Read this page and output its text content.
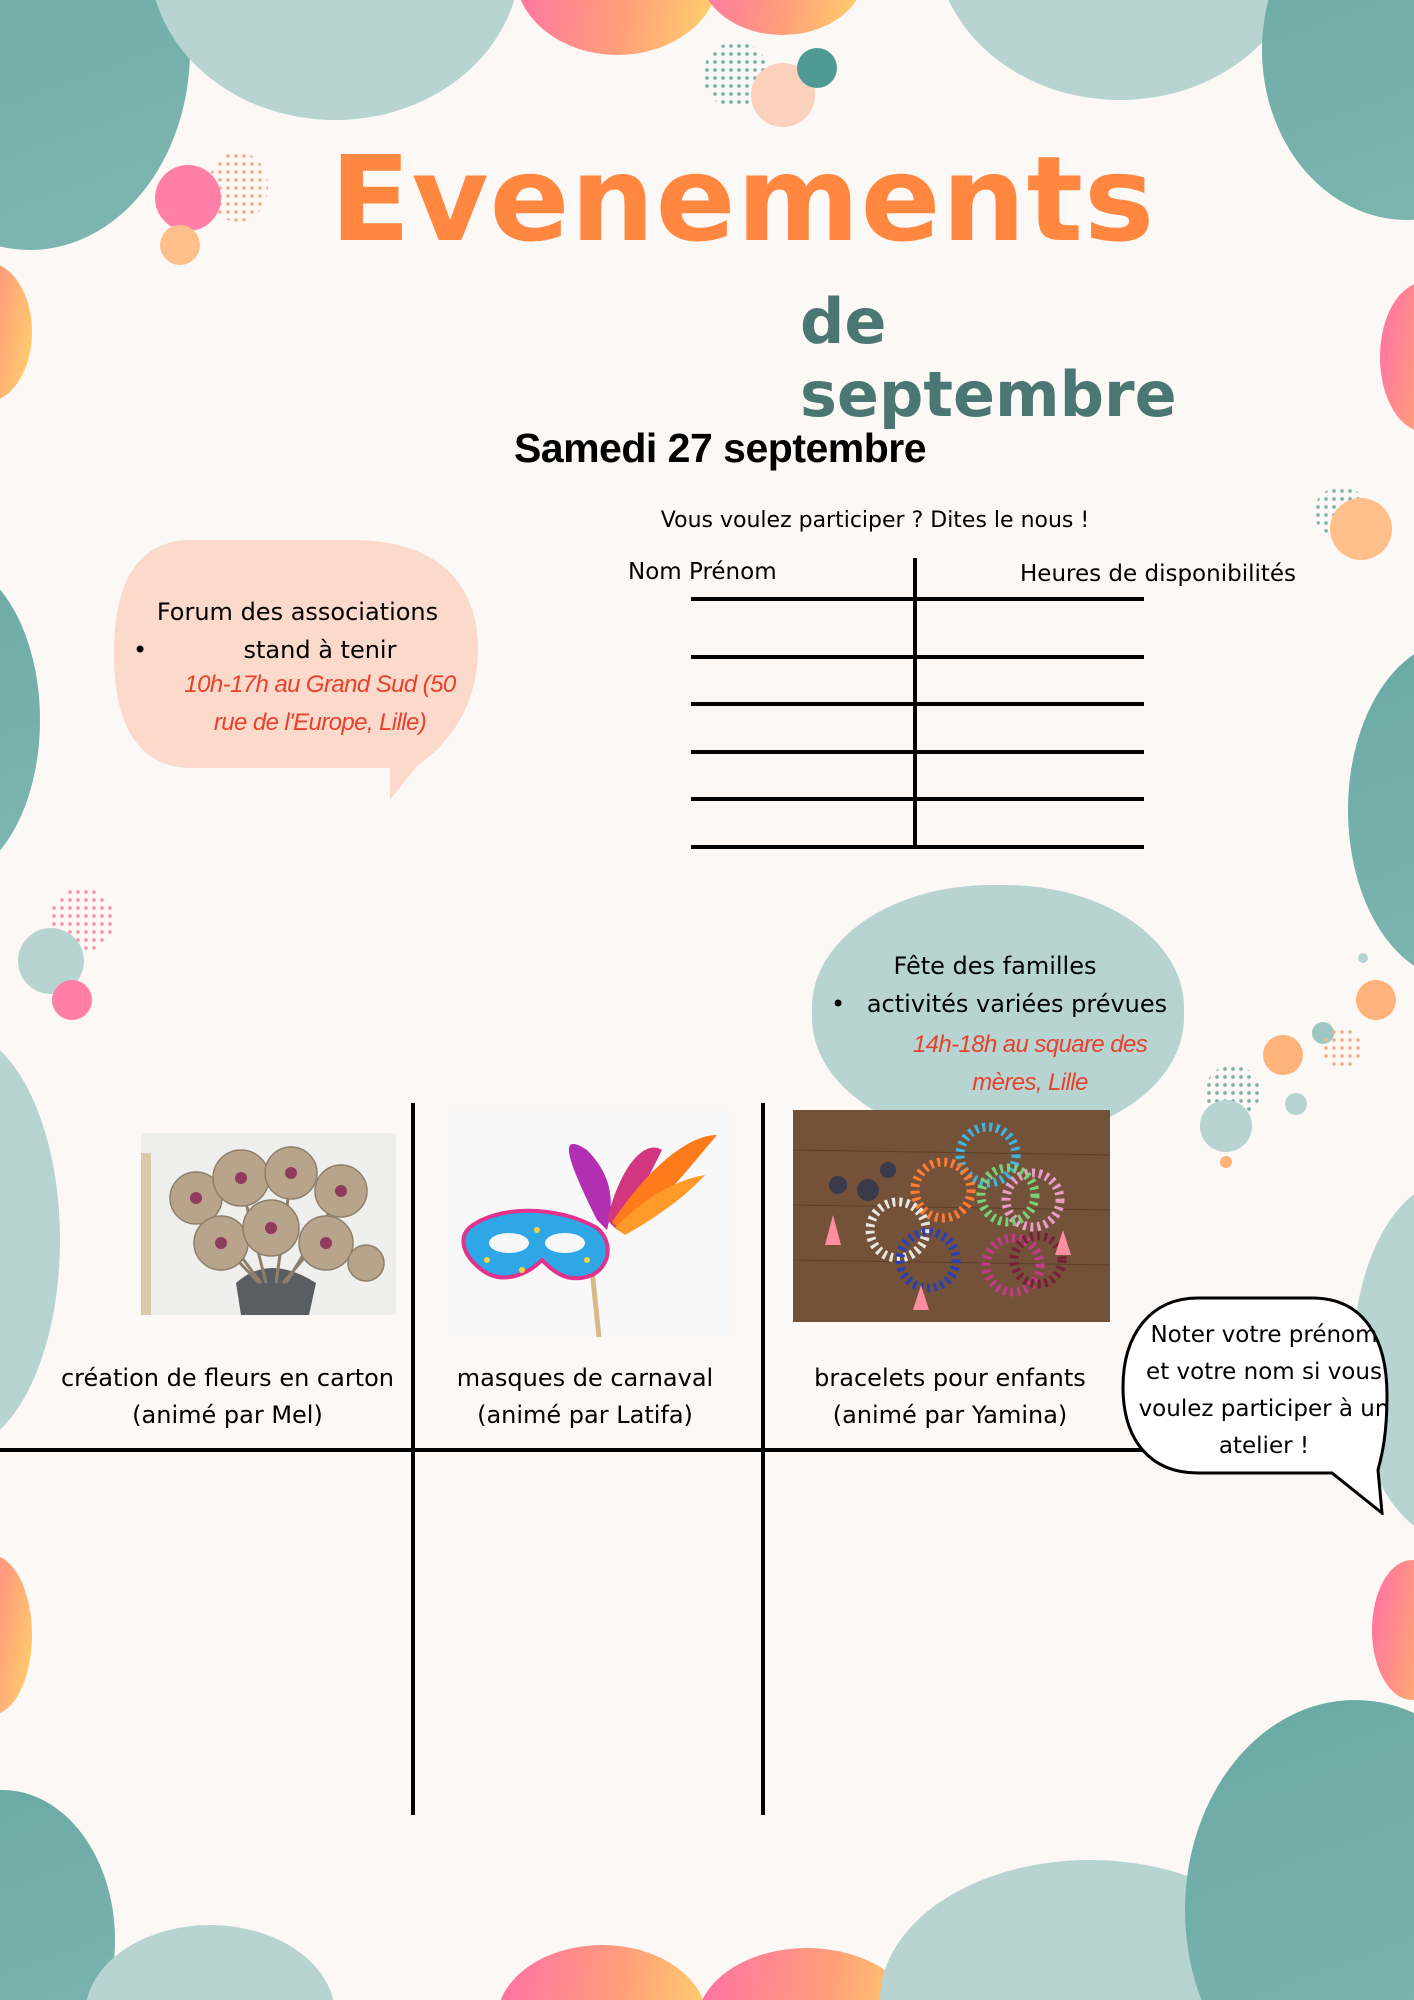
Evenements
de septembre
Samedi 27 septembre
Forum des associations
•	stand à tenir
10h-17h au Grand Sud (50
rue de l'Europe, Lille)
Vous voulez participer ? Dites le nous !
Nom Prénom	Heures de disponibilités
Fête des familles
• activités variées prévues
14h-18h au square des
mères, Lille
création de fleurs en carton
(animé par Mel)
masques de carnaval
(animé par Latifa)
bracelets pour enfants
(animé par Yamina)
Noter votre prénom
et votre nom si vous
voulez participer à un
atelier !
